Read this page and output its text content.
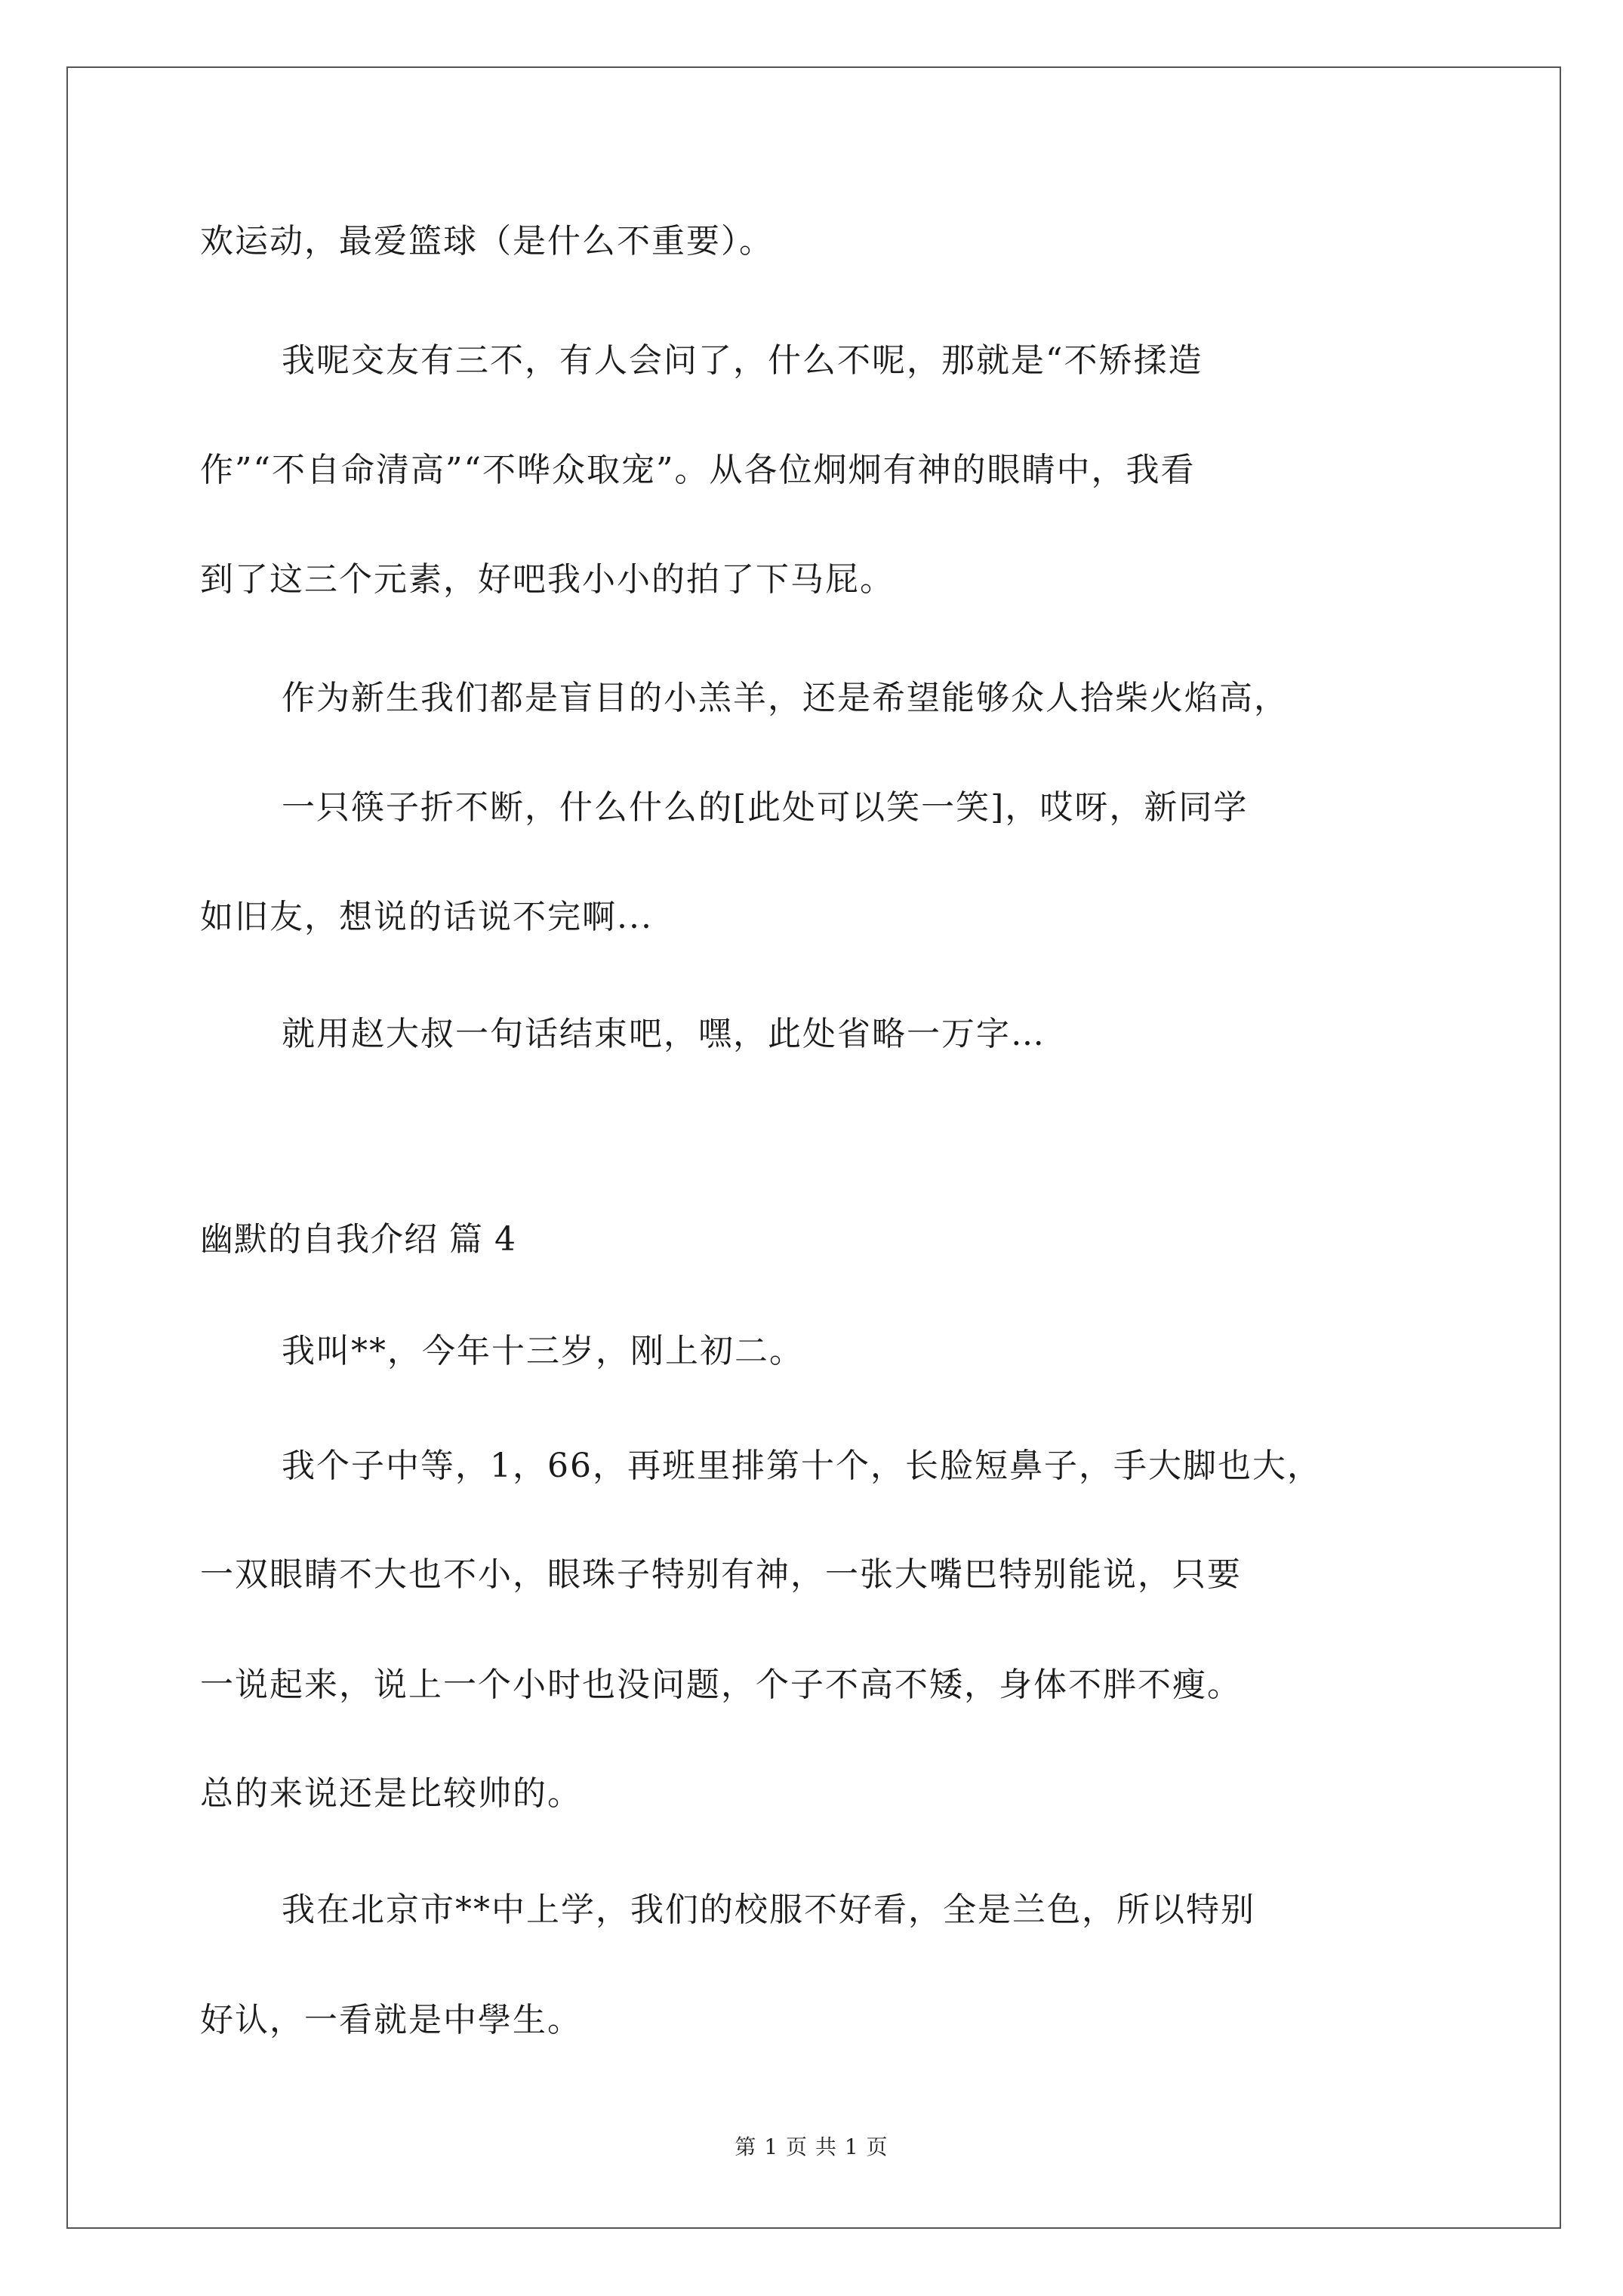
欢运动，最爱篮球（是什么不重要）。
我呢交友有三不，有人会问了，什么不呢，那就是“不矫揉造
作”“不自命清高”“不哗众取宠”。从各位炯炯有神的眼睛中，我看
到了这三个元素，好吧我小小的拍了下马屁。
作为新生我们都是盲目的小羔羊，还是希望能够众人拾柴火焰高，
一只筷子折不断，什么什么的[此处可以笑一笑]，哎呀，新同学
如旧友，想说的话说不完啊...
就用赵大叔一句话结束吧，嘿，此处省略一万字…
幽默的自我介绍 篇 4
我叫**，今年十三岁，刚上初二。
我个子中等，1，66，再班里排第十个，长脸短鼻子，手大脚也大，
一双眼睛不大也不小，眼珠子特别有神，一张大嘴巴特别能说，只要
一说起来，说上一个小时也没问题，个子不高不矮，身体不胖不瘦。
总的来说还是比较帅的。
我在北京市**中上学，我们的校服不好看，全是兰色，所以特别
好认，一看就是中學生。
第 1 页 共 1 页
